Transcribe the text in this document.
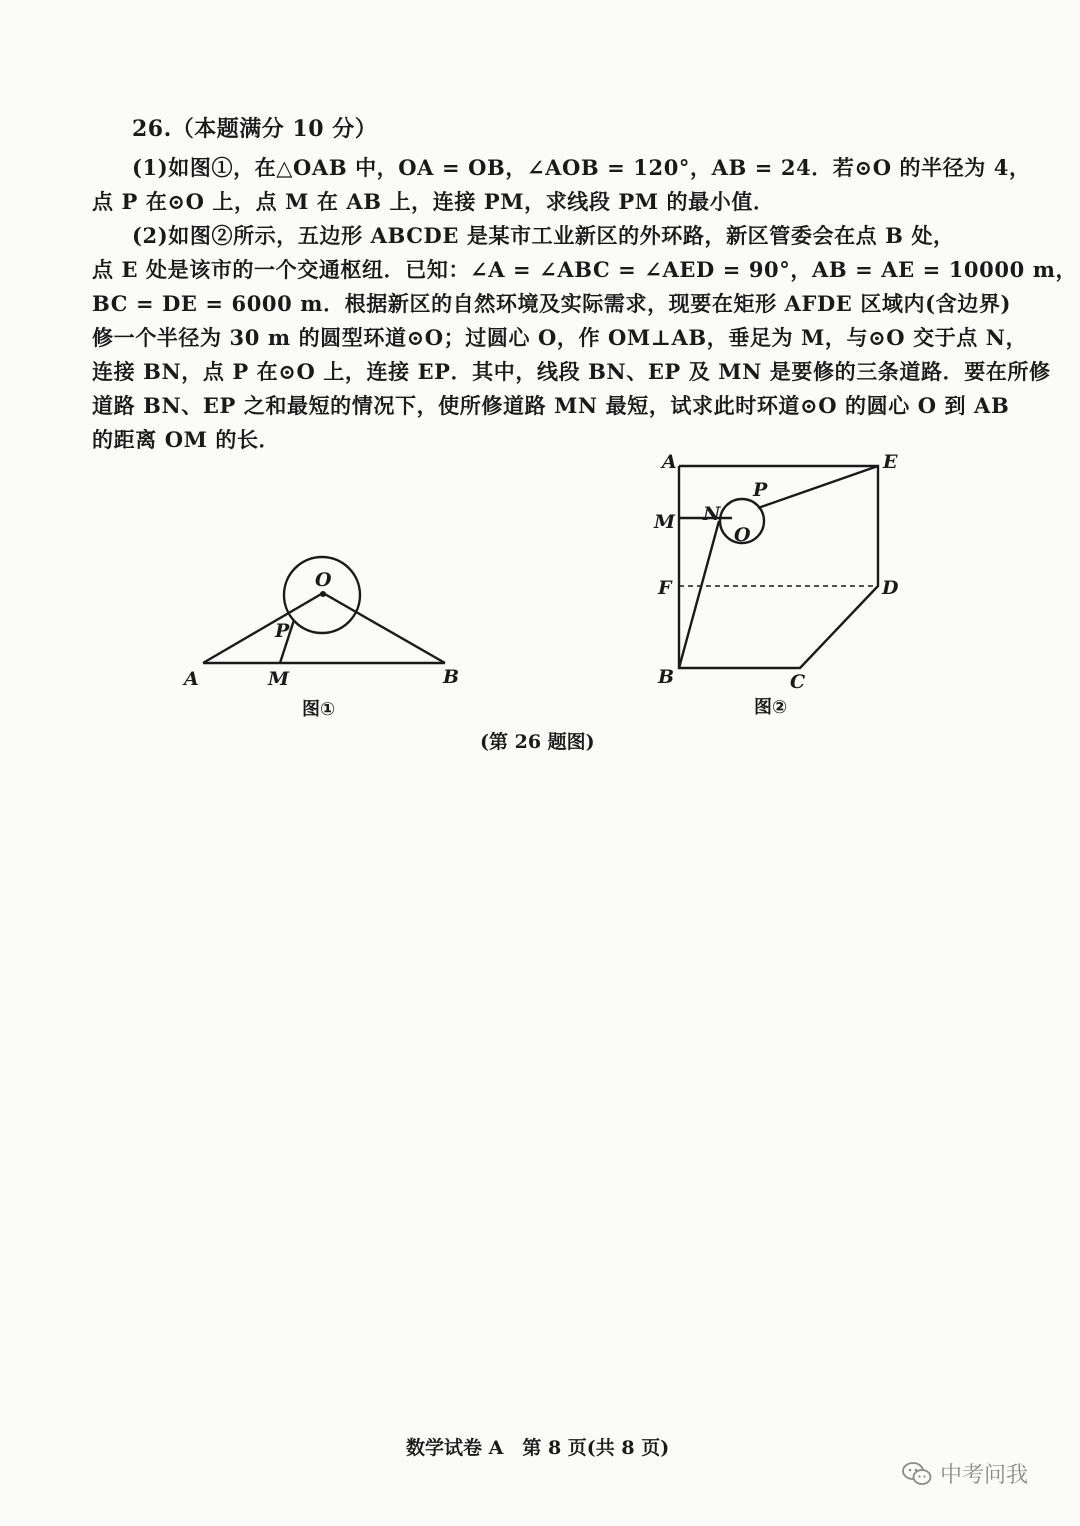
26.（本题满分 10 分）

(1)如图①，在△OAB 中，OA = OB，∠AOB = 120°，AB = 24．若⊙O 的半径为 4，
点 P 在⊙O 上，点 M 在 AB 上，连接 PM，求线段 PM 的最小值．

(2)如图②所示，五边形 ABCDE 是某市工业新区的外环路，新区管委会在点 B 处，
点 E 处是该市的一个交通枢纽．已知：∠A = ∠ABC = ∠AED = 90°，AB = AE = 10000 m，
BC = DE = 6000 m．根据新区的自然环境及实际需求，现要在矩形 AFDE 区域内(含边界)
修一个半径为 30 m 的圆型环道⊙O；过圆心 O，作 OM⊥AB，垂足为 M，与⊙O 交于点 N，
连接 BN，点 P 在⊙O 上，连接 EP．其中，线段 BN、EP 及 MN 是要修的三条道路．要在所修
道路 BN、EP 之和最短的情况下，使所修道路 MN 最短，试求此时环道⊙O 的圆心 O 到 AB
的距离 OM 的长．

O
P
A	M	B
图①
A	E
P
M N
O
F	D
B	C
图②
(第 26 题图)
数学试卷 A　第 8 页(共 8 页)
中考问我
